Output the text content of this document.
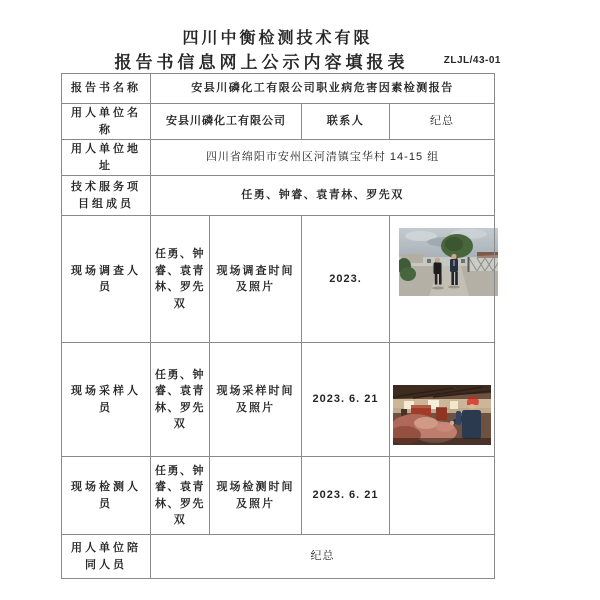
四川中衡检测技术有限
报告书信息网上公示内容填报表	ZLJL/43-01
报告书名称	安县川磷化工有限公司职业病危害因素检测报告			
用人单位名称	安县川磷化工有限公司		联系人	纪总
用人单位地址	四川省绵阳市安州区河清镇宝华村 14-15 组			
技术服务项目组成员	任勇、钟睿、袁青林、罗先双			
现场调查人员	任勇、钟睿、袁青林、罗先双	现场调查时间及照片	2023.	
现场采样人员	任勇、钟睿、袁青林、罗先双	现场采样时间及照片	2023. 6. 21	
现场检测人员	任勇、钟睿、袁青林、罗先双	现场检测时间及照片	2023. 6. 21	
用人单位陪同人员	纪总			
